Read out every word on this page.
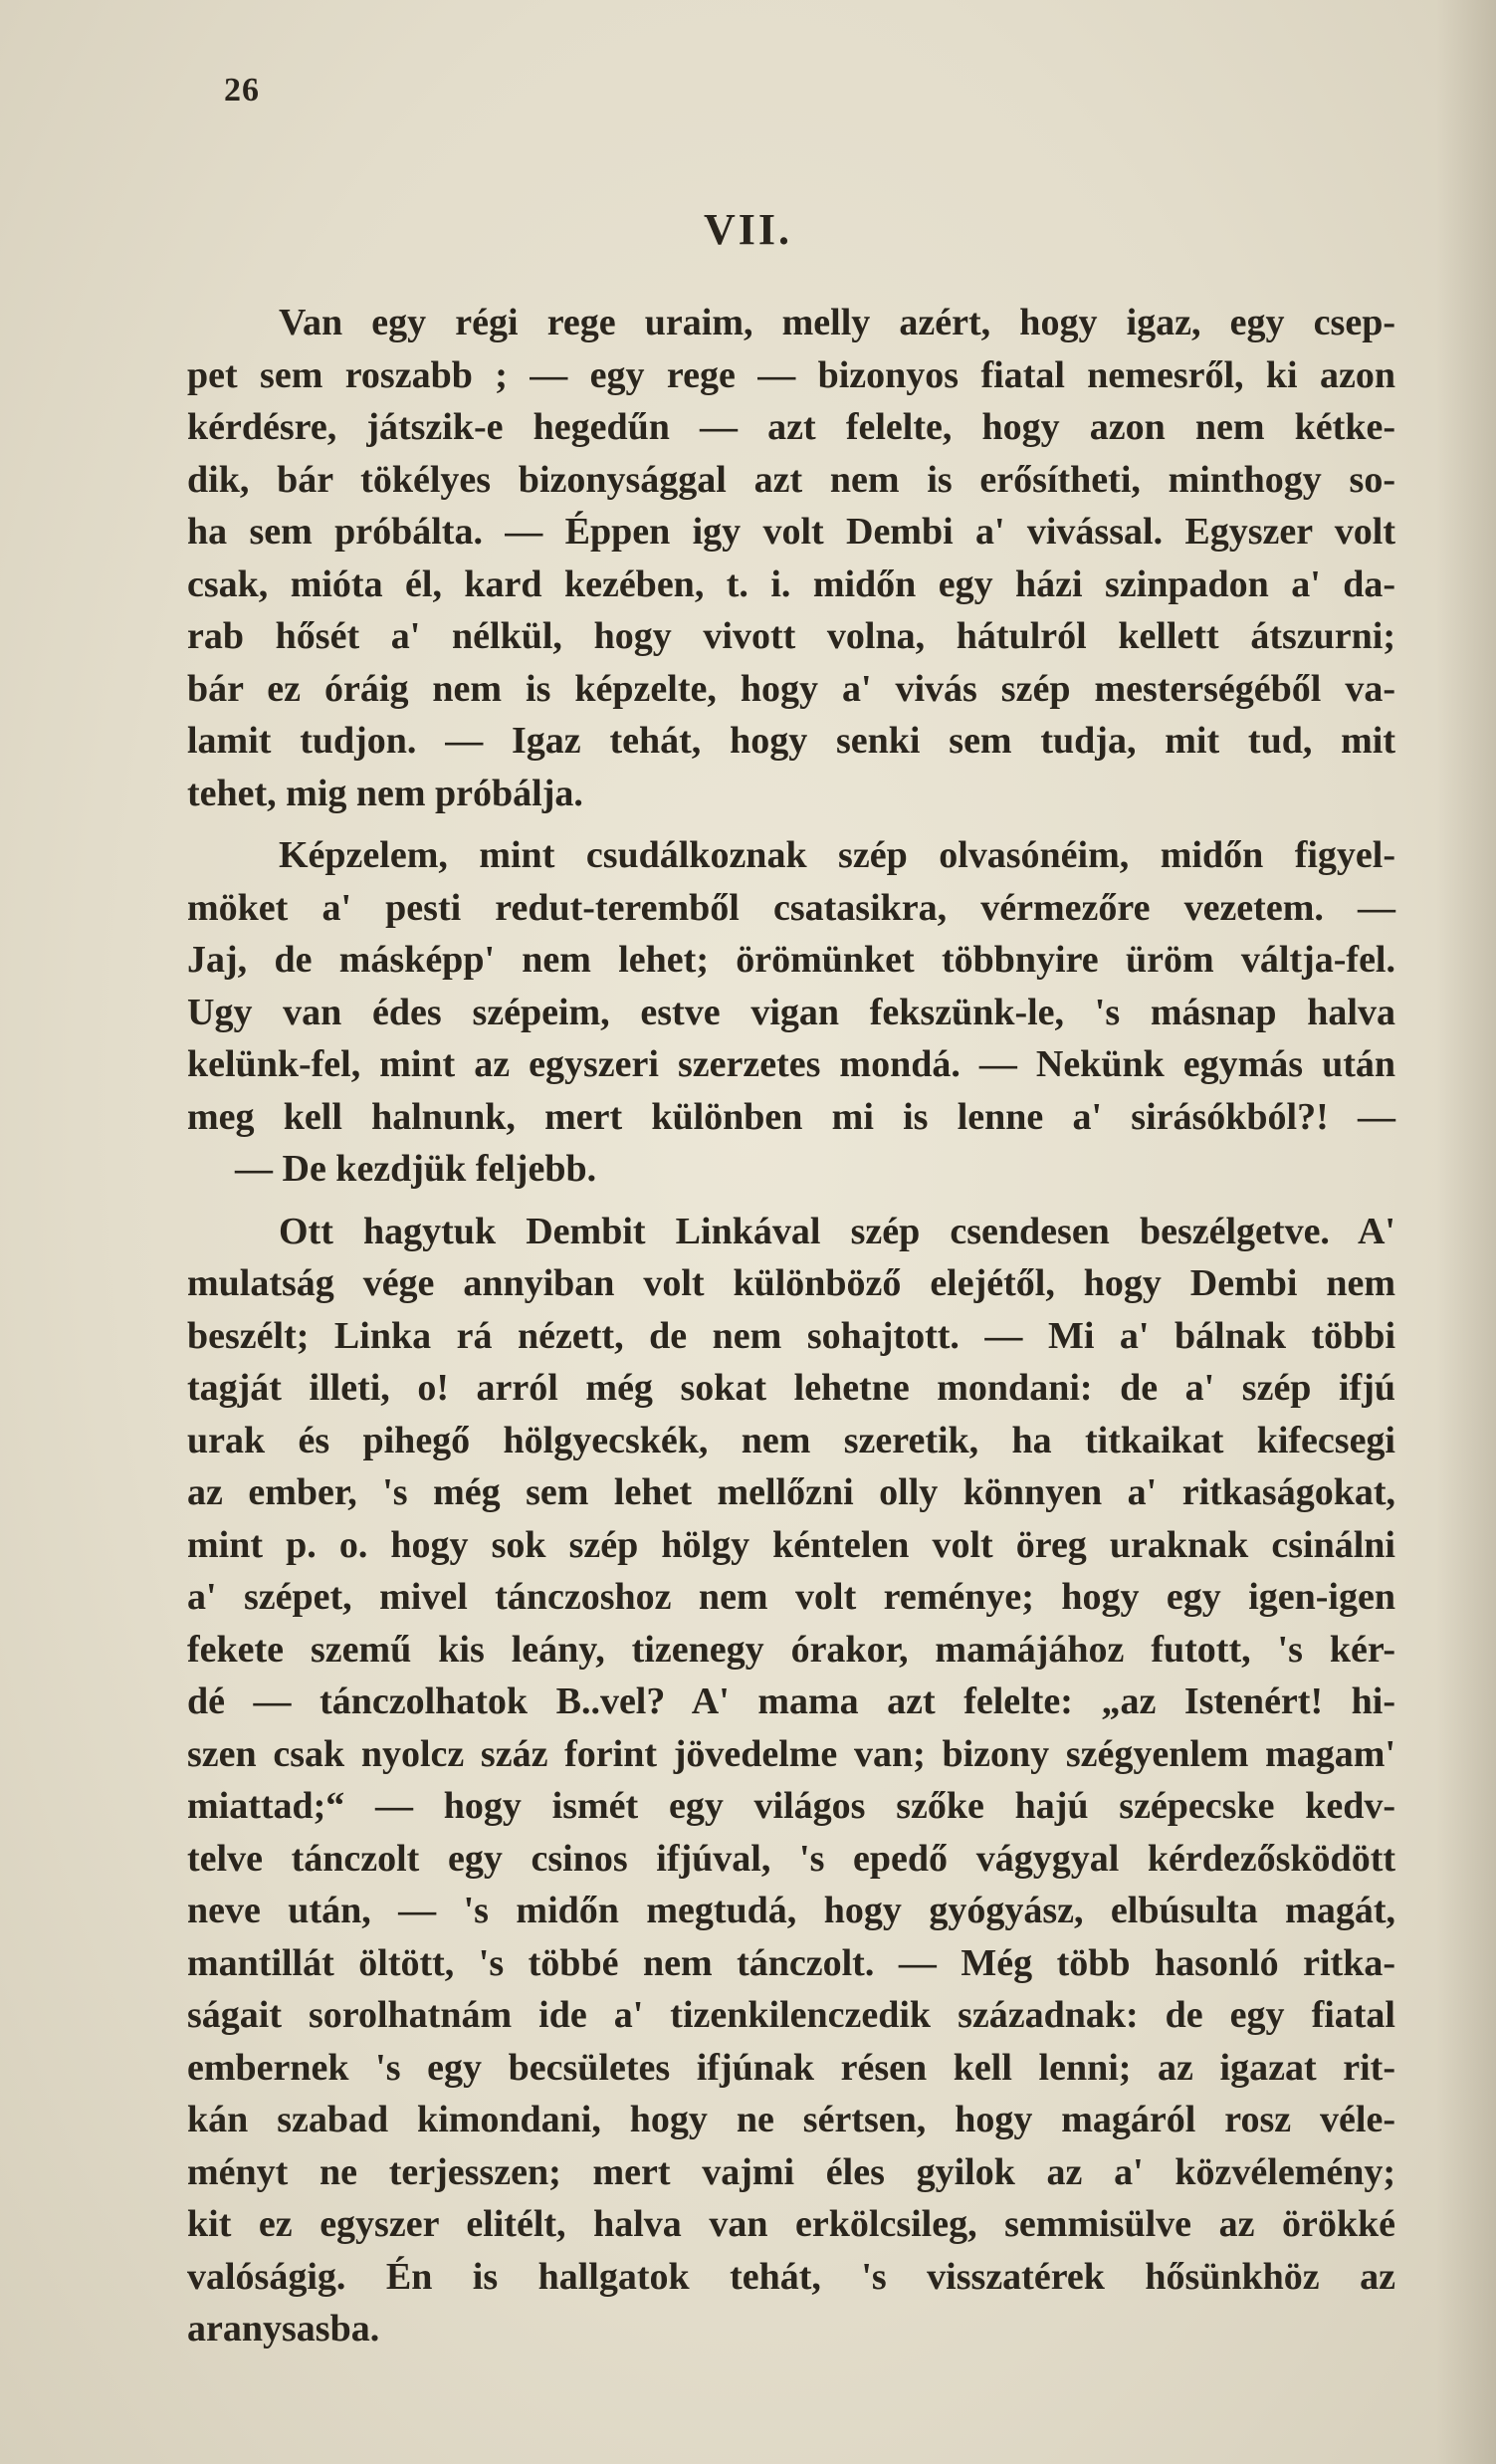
26
VII.
Van egy régi rege uraim, melly azért, hogy igaz, egy csep-
pet sem roszabb ; — egy rege — bizonyos fiatal nemesről, ki azon
kérdésre, játszik-e hegedűn — azt felelte, hogy azon nem kétke-
dik, bár tökélyes bizonysággal azt nem is erősítheti, minthogy so-
ha sem próbálta. — Éppen igy volt Dembi a' vivással. Egyszer volt
csak, mióta él, kard kezében, t. i. midőn egy házi szinpadon a' da-
rab hősét a' nélkül, hogy vivott volna, hátulról kellett átszurni;
bár ez óráig nem is képzelte, hogy a' vivás szép mesterségéből va-
lamit tudjon. — Igaz tehát, hogy senki sem tudja, mit tud, mit
tehet, mig nem próbálja.
Képzelem, mint csudálkoznak szép olvasónéim, midőn figyel-
möket a' pesti redut-teremből csatasikra, vérmezőre vezetem. —
Jaj, de másképp' nem lehet; örömünket többnyire üröm váltja-fel.
Ugy van édes szépeim, estve vigan fekszünk-le, 's másnap halva
kelünk-fel, mint az egyszeri szerzetes mondá. — Nekünk egymás után
meg kell halnunk, mert különben mi is lenne a' sirásókból?! —
— De kezdjük feljebb.
Ott hagytuk Dembit Linkával szép csendesen beszélgetve. A'
mulatság vége annyiban volt különböző elejétől, hogy Dembi nem
beszélt; Linka rá nézett, de nem sohajtott. — Mi a' bálnak többi
tagját illeti, o! arról még sokat lehetne mondani: de a' szép ifjú
urak és pihegő hölgyecskék, nem szeretik, ha titkaikat kifecsegi
az ember, 's még sem lehet mellőzni olly könnyen a' ritkaságokat,
mint p. o. hogy sok szép hölgy kéntelen volt öreg uraknak csinálni
a' szépet, mivel tánczoshoz nem volt reménye; hogy egy igen-igen
fekete szemű kis leány, tizenegy órakor, mamájához futott, 's kér-
dé — tánczolhatok B..vel? A' mama azt felelte: „az Istenért! hi-
szen csak nyolcz száz forint jövedelme van; bizony szégyenlem magam'
miattad;“ — hogy ismét egy világos szőke hajú szépecske kedv-
telve tánczolt egy csinos ifjúval, 's epedő vágygyal kérdezősködött
neve után, — 's midőn megtudá, hogy gyógyász, elbúsulta magát,
mantillát öltött, 's többé nem tánczolt. — Még több hasonló ritka-
ságait sorolhatnám ide a' tizenkilenczedik századnak: de egy fiatal
embernek 's egy becsületes ifjúnak résen kell lenni; az igazat rit-
kán szabad kimondani, hogy ne sértsen, hogy magáról rosz véle-
ményt ne terjesszen; mert vajmi éles gyilok az a' közvélemény;
kit ez egyszer elitélt, halva van erkölcsileg, semmisülve az örökké
valóságig. Én is hallgatok tehát, 's visszatérek hősünkhöz az
aranysasba.
